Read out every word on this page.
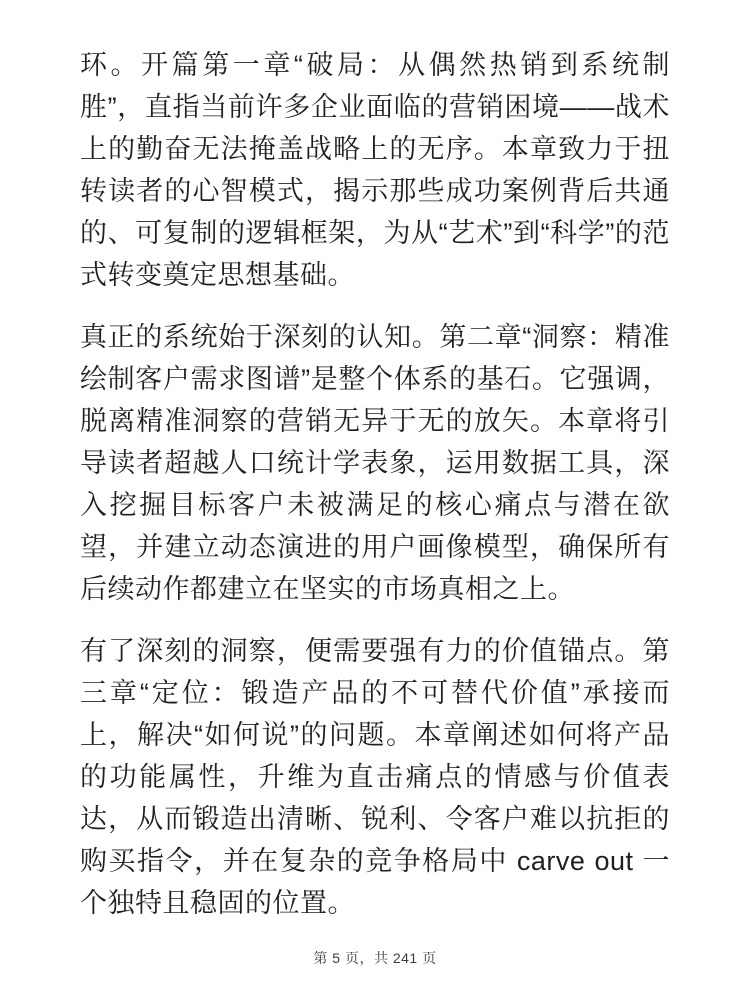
环。开篇第一章“破局：从偶然热销到系统制胜”，直指当前许多企业面临的营销困境——战术上的勤奋无法掩盖战略上的无序。本章致力于扭转读者的心智模式，揭示那些成功案例背后共通的、可复制的逻辑框架，为从“艺术”到“科学”的范式转变奠定思想基础。

真正的系统始于深刻的认知。第二章“洞察：精准绘制客户需求图谱”是整个体系的基石。它强调，脱离精准洞察的营销无异于无的放矢。本章将引导读者超越人口统计学表象，运用数据工具，深入挖掘目标客户未被满足的核心痛点与潜在欲望，并建立动态演进的用户画像模型，确保所有后续动作都建立在坚实的市场真相之上。

有了深刻的洞察，便需要强有力的价值锚点。第三章“定位：锻造产品的不可替代价值”承接而上，解决“如何说”的问题。本章阐述如何将产品的功能属性，升维为直击痛点的情感与价值表达，从而锻造出清晰、锐利、令客户难以抗拒的购买指令，并在复杂的竞争格局中 carve out 一个独特且稳固的位置。

第 5 页，共 241 页
